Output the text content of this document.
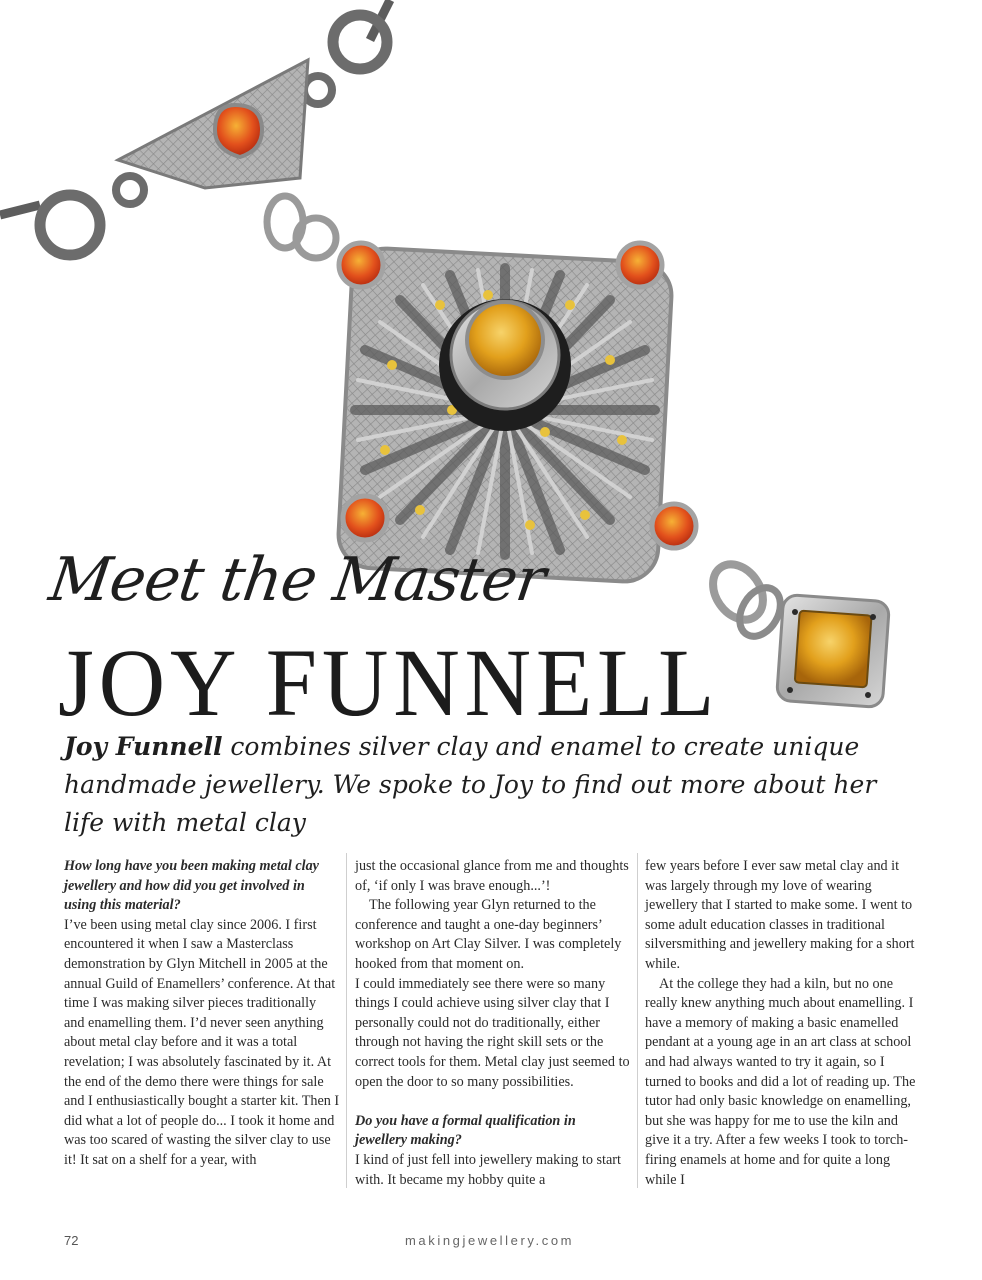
Meet the Master
JOY FUNNELL
Joy Funnell combines silver clay and enamel to create unique handmade jewellery. We spoke to Joy to find out more about her life with metal clay

How long have you been making metal clay jewellery and how did you get involved in using this material?

I’ve been using metal clay since 2006. I first encountered it when I saw a Masterclass demonstration by Glyn Mitchell in 2005 at the annual Guild of Enamellers’ conference. At that time I was making silver pieces traditionally and enamelling them. I’d never seen anything about metal clay before and it was a total revelation; I was absolutely fascinated by it. At the end of the demo there were things for sale and I enthusiastically bought a starter kit. Then I did what a lot of people do... I took it home and was too scared of wasting the silver clay to use it! It sat on a shelf for a year, with

just the occasional glance from me and thoughts of, ‘if only I was brave enough...’!

The following year Glyn returned to the conference and taught a one-day beginners’ workshop on Art Clay Silver. I was completely hooked from that moment on.

I could immediately see there were so many things I could achieve using silver clay that I personally could not do traditionally, either through not having the right skill sets or the correct tools for them. Metal clay just seemed to open the door to so many possibilities.

Do you have a formal qualification in jewellery making?

I kind of just fell into jewellery making to start with. It became my hobby quite a

few years before I ever saw metal clay and it was largely through my love of wearing jewellery that I started to make some. I went to some adult education classes in traditional silversmithing and jewellery making for a short while.

At the college they had a kiln, but no one really knew anything much about enamelling. I have a memory of making a basic enamelled pendant at a young age in an art class at school and had always wanted to try it again, so I turned to books and did a lot of reading up. The tutor had only basic knowledge on enamelling, but she was happy for me to use the kiln and give it a try. After a few weeks I took to torch-firing enamels at home and for quite a long while I

72	makingjewellery.com
